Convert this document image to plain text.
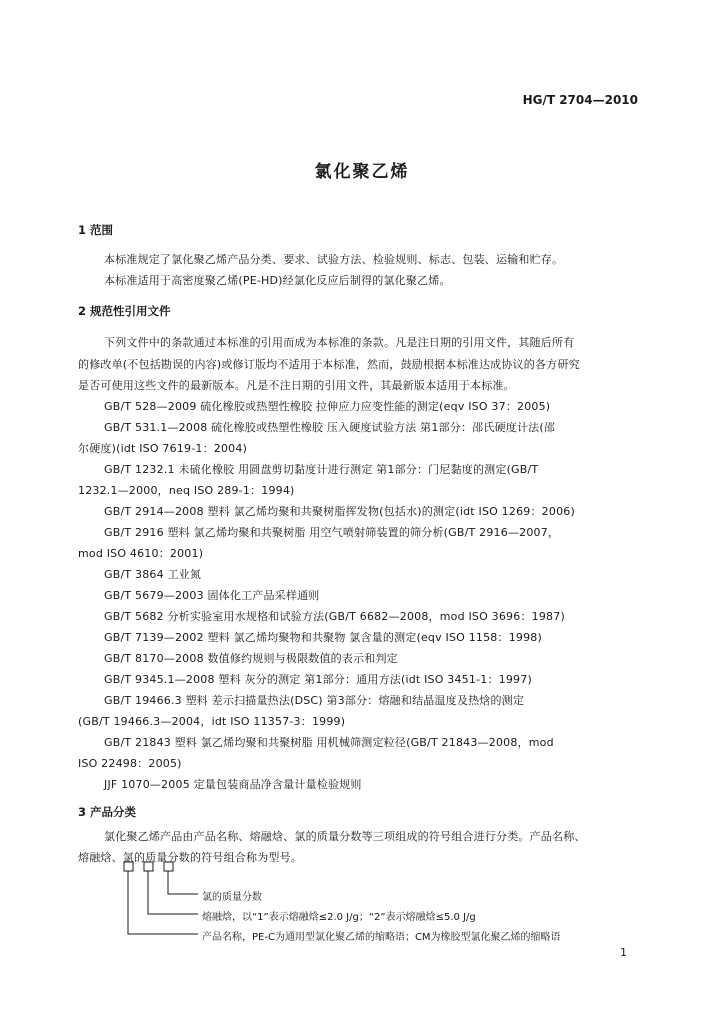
HG/T 2704—2010
氯化聚乙烯
1 范围
本标准规定了氯化聚乙烯产品分类、要求、试验方法、检验规则、标志、包装、运输和贮存。
本标准适用于高密度聚乙烯(PE-HD)经氯化反应后制得的氯化聚乙烯。
2 规范性引用文件
下列文件中的条款通过本标准的引用而成为本标准的条款。凡是注日期的引用文件，其随后所有
的修改单(不包括勘误的内容)或修订版均不适用于本标准，然而，鼓励根据本标准达成协议的各方研究
是否可使用这些文件的最新版本。凡是不注日期的引用文件，其最新版本适用于本标准。
GB/T 528—2009 硫化橡胶或热塑性橡胶 拉伸应力应变性能的测定(eqv ISO 37：2005)
GB/T 531.1—2008 硫化橡胶或热塑性橡胶 压入硬度试验方法 第1部分：邵氏硬度计法(邵
尔硬度)(idt ISO 7619-1：2004)
GB/T 1232.1 未硫化橡胶 用圆盘剪切黏度计进行测定 第1部分：门尼黏度的测定(GB/T
1232.1—2000，neq ISO 289-1：1994)
GB/T 2914—2008 塑料 氯乙烯均聚和共聚树脂挥发物(包括水)的测定(idt ISO 1269：2006)
GB/T 2916 塑料 氯乙烯均聚和共聚树脂 用空气喷射筛装置的筛分析(GB/T 2916—2007，
mod ISO 4610：2001)
GB/T 3864 工业氮
GB/T 5679—2003 固体化工产品采样通则
GB/T 5682 分析实验室用水规格和试验方法(GB/T 6682—2008，mod ISO 3696：1987)
GB/T 7139—2002 塑料 氯乙烯均聚物和共聚物 氯含量的测定(eqv ISO 1158：1998)
GB/T 8170—2008 数值修约规则与极限数值的表示和判定
GB/T 9345.1—2008 塑料 灰分的测定 第1部分：通用方法(idt ISO 3451-1：1997)
GB/T 19466.3 塑料 差示扫描量热法(DSC) 第3部分：熔融和结晶温度及热焓的测定
(GB/T 19466.3—2004，idt ISO 11357-3：1999)
GB/T 21843 塑料 氯乙烯均聚和共聚树脂 用机械筛测定粒径(GB/T 21843—2008，mod
ISO 22498：2005)
JJF 1070—2005 定量包装商品净含量计量检验规则
3 产品分类
氯化聚乙烯产品由产品名称、熔融焓、氯的质量分数等三项组成的符号组合进行分类。产品名称、
熔融焓、氯的质量分数的符号组合称为型号。
氯的质量分数
熔融焓，以“1”表示熔融焓≤2.0 J/g；“2”表示熔融焓≤5.0 J/g
产品名称，PE-C为通用型氯化聚乙烯的缩略语；CM为橡胶型氯化聚乙烯的缩略语
1
